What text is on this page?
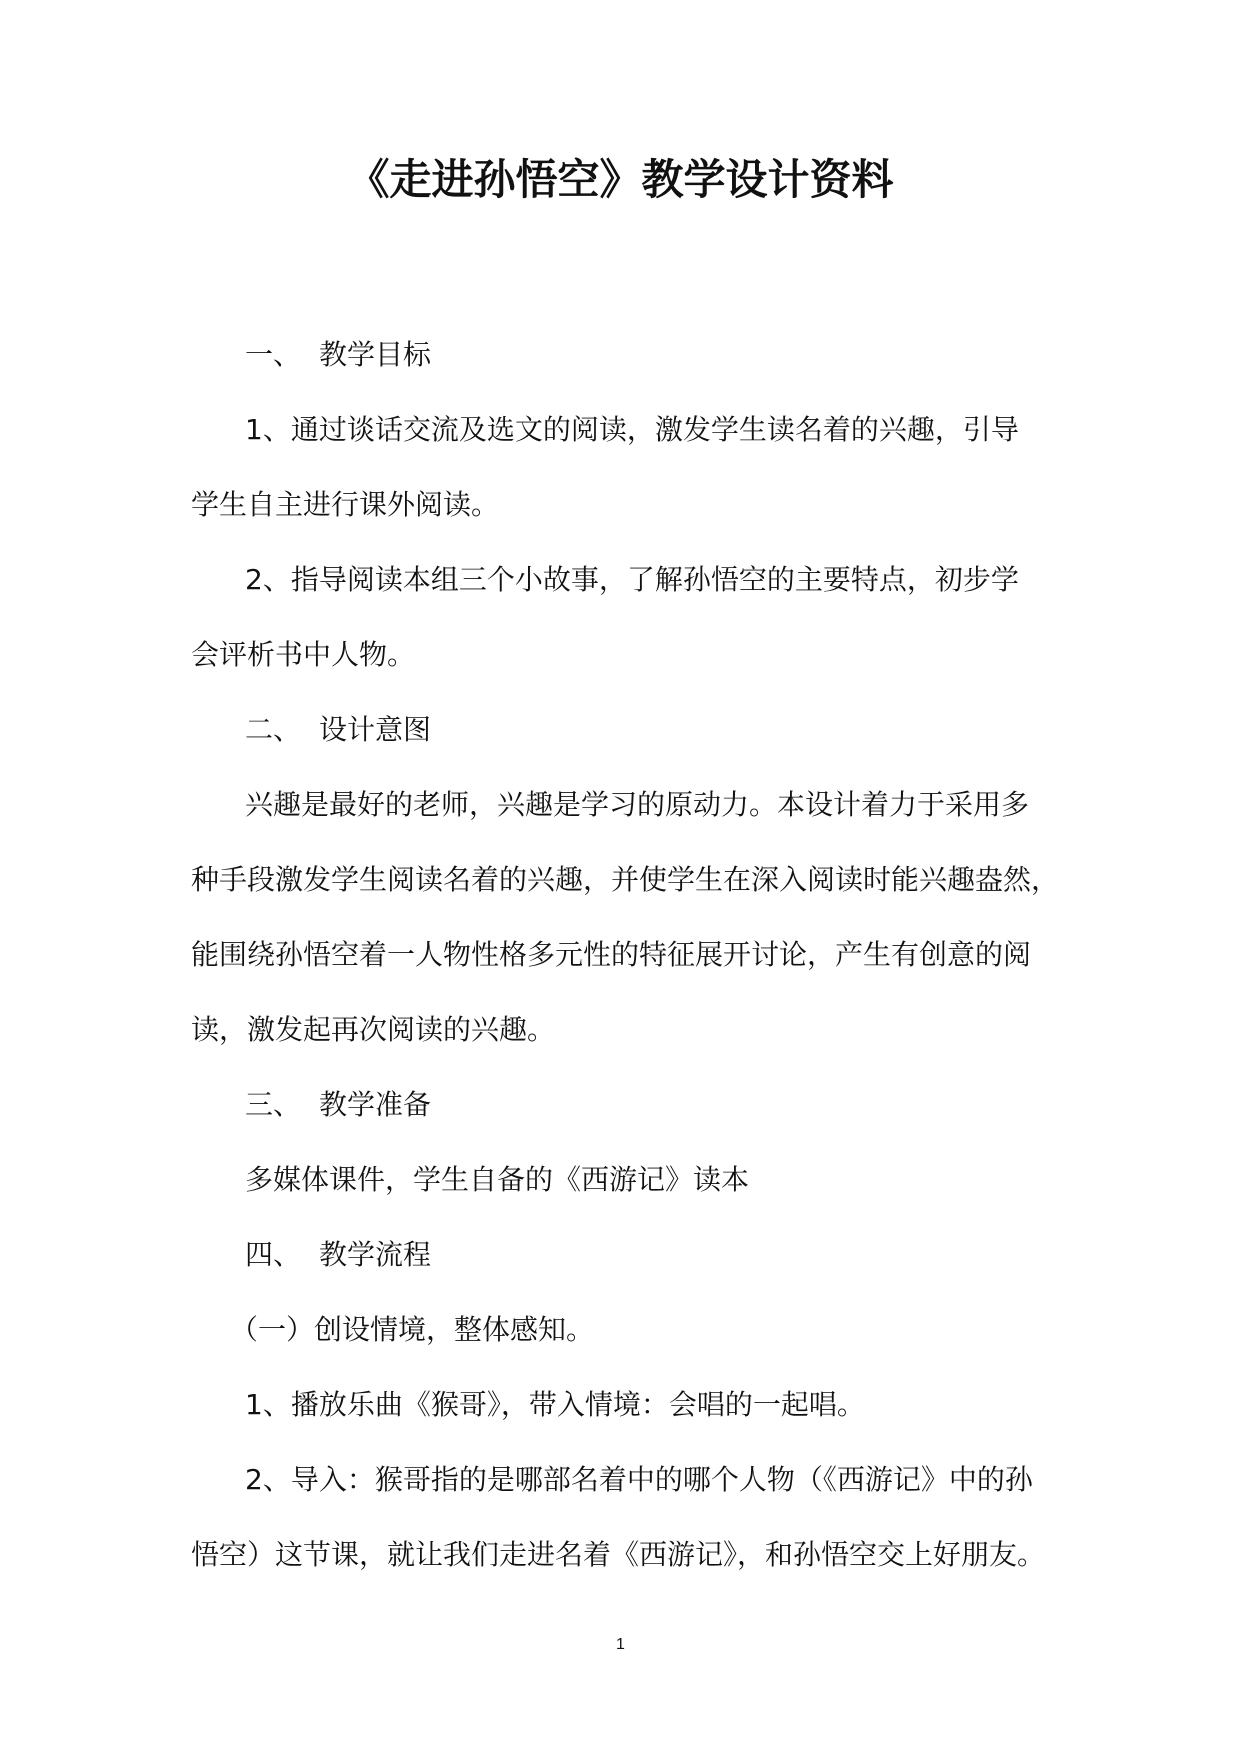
《走进孙悟空》教学设计资料
一、 教学目标
1、通过谈话交流及选文的阅读，激发学生读名着的兴趣，引导
学生自主进行课外阅读。
2、指导阅读本组三个小故事，了解孙悟空的主要特点，初步学
会评析书中人物。
二、 设计意图
兴趣是最好的老师，兴趣是学习的原动力。本设计着力于采用多
种手段激发学生阅读名着的兴趣，并使学生在深入阅读时能兴趣盎然，
能围绕孙悟空着一人物性格多元性的特征展开讨论，产生有创意的阅
读，激发起再次阅读的兴趣。
三、 教学准备
多媒体课件，学生自备的《西游记》读本
四、 教学流程
（一）创设情境，整体感知。
1、播放乐曲《猴哥》，带入情境：会唱的一起唱。
2、导入：猴哥指的是哪部名着中的哪个人物（《西游记》中的孙
悟空）这节课，就让我们走进名着《西游记》，和孙悟空交上好朋友。
1
